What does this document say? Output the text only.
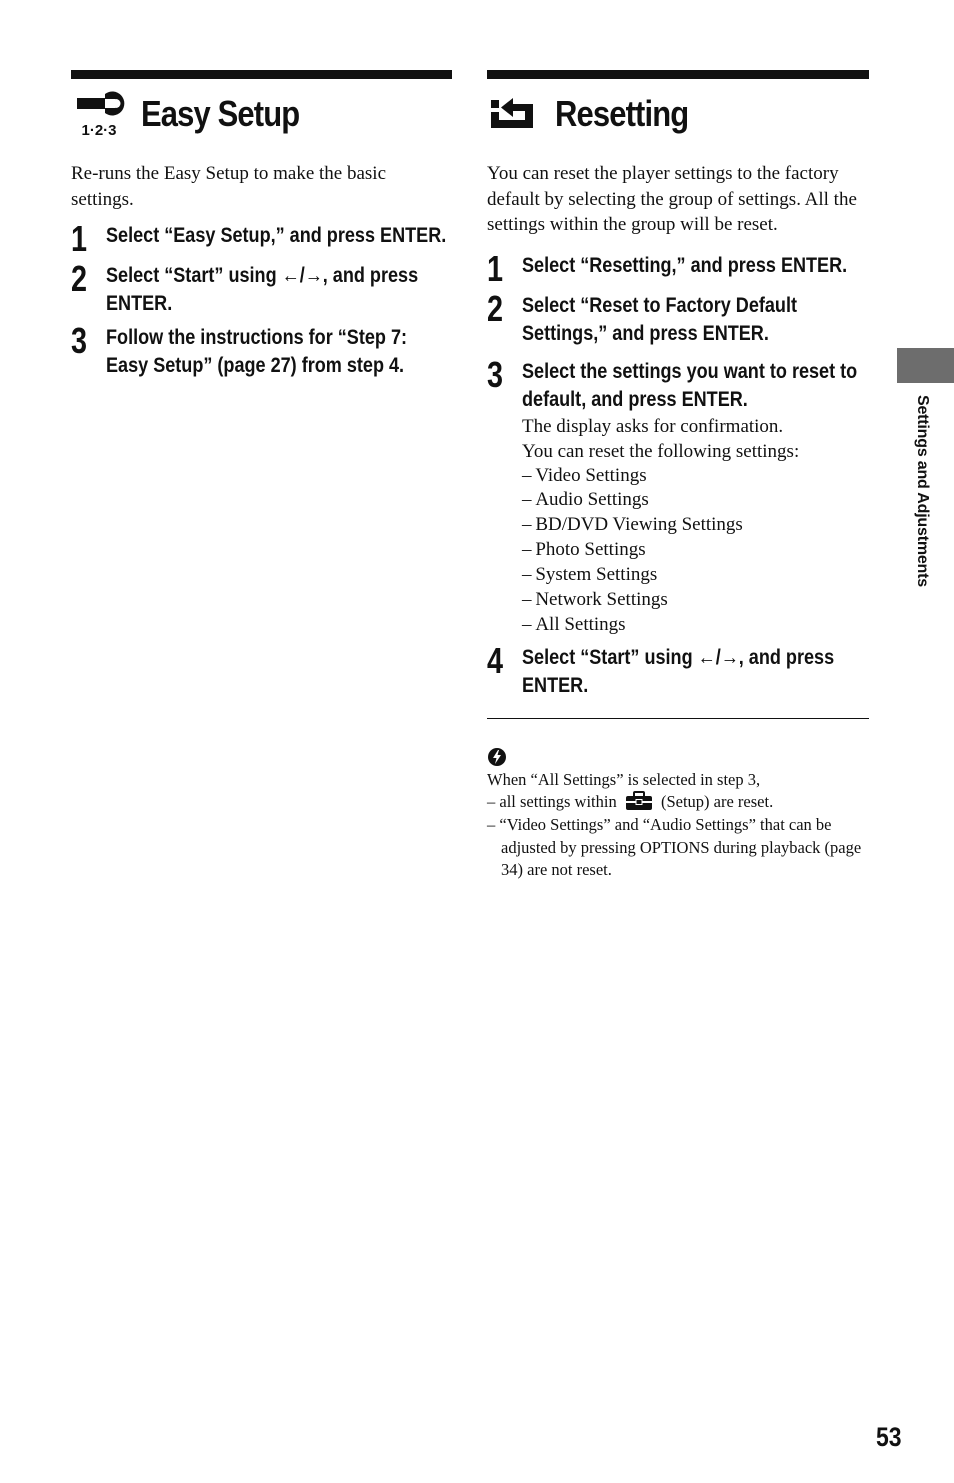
1·2·3 Easy Setup

Re-runs the Easy Setup to make the basic settings.

1 Select “Easy Setup,” and press ENTER.
2 Select “Start” using ←/→, and press ENTER.
3 Follow the instructions for “Step 7: Easy Setup” (page 27) from step 4.
Resetting

You can reset the player settings to the factory default by selecting the group of settings. All the settings within the group will be reset.

1 Select “Resetting,” and press ENTER.
2 Select “Reset to Factory Default Settings,” and press ENTER.
3 Select the settings you want to reset to default, and press ENTER.
The display asks for confirmation.
You can reset the following settings:
– Video Settings
– Audio Settings
– BD/DVD Viewing Settings
– Photo Settings
– System Settings
– Network Settings
– All Settings
4 Select “Start” using ←/→, and press ENTER.
When “All Settings” is selected in step 3,
– all settings within	(Setup) are reset.
– “Video Settings” and “Audio Settings” that can be adjusted by pressing OPTIONS during playback (page 34) are not reset.
Settings and Adjustments
53
